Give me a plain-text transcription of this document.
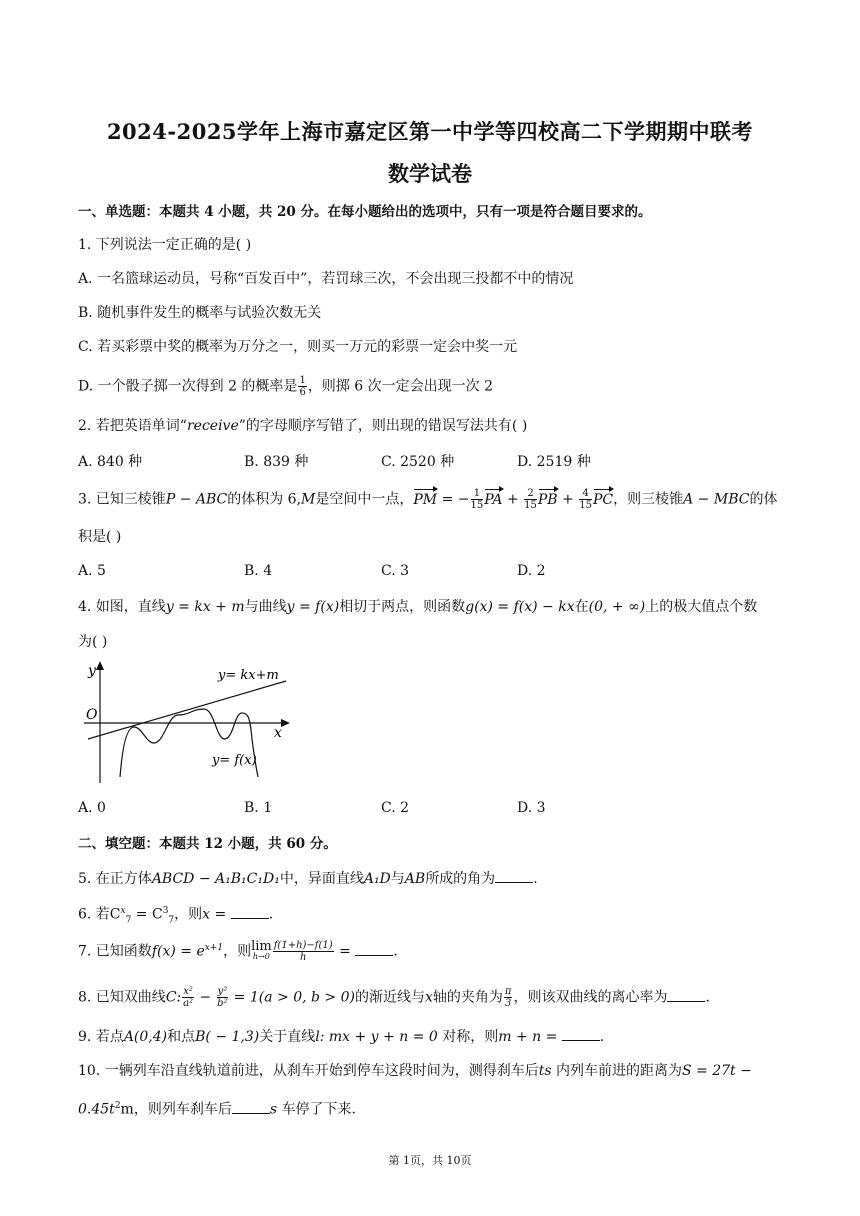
2024-2025学年上海市嘉定区第一中学等四校高二下学期期中联考
数学试卷
一、单选题：本题共 4 小题，共 20 分。在每小题给出的选项中，只有一项是符合题目要求的。
1. 下列说法一定正确的是( )
A. 一名篮球运动员，号称“百发百中”，若罚球三次，不会出现三投都不中的情况
B. 随机事件发生的概率与试验次数无关
C. 若买彩票中奖的概率为万分之一，则买一万元的彩票一定会中奖一元
D. 一个骰子掷一次得到 2 的概率是 $\frac{1}{6}$ ，则掷 6 次一定会出现一次 2
2. 若把英语单词“receive”的字母顺序写错了，则出现的错误写法共有( )
A. 840 种	B. 839 种	C. 2520 种	D. 2519 种
3. 已知三棱锥P − ABC的体积为 6,M是空间中一点，PM = − $\frac{1}{15}$ PA + $\frac{2}{15}$ PB + $\frac{4}{15}$ PC，则三棱锥A − MBC的体
积是( )
A. 5	B. 4	C. 3	D. 2
4. 如图，直线y = kx + m与曲线y = f(x)相切于两点，则函数g(x) = f(x) − kx在(0, + ∞)上的极大值点个数
为( )
y
O
x
y= kx+m
y= f(x)
A. 0	B. 1	C. 2	D. 3
二、填空题：本题共 12 小题，共 60 分。
5. 在正方体ABCD − A₁B₁C₁D₁中，异面直线A₁D与AB所成的角为	.
6. 若$C^x_7 = C^3_7$，则x =	.
7. 已知函数$f(x) = e^{x+1}$，则 lim
$h\to 0 \frac{f(1+h)-f(1)}{h}$ =	.
8. 已知双曲线C: $\frac{\text{x²}}{\text{a²}} - \frac{\text{y²}}{\text{b²}} = 1(a > 0$, b > 0)的渐近线与x轴的夹角为 $\frac{\pi}{3}$ ，则该双曲线的离心率为	.
9. 若点A(0,4)和点B( − 1,3)关于直线l: mx + y + n = 0 对称，则m + n =	.
10. 一辆列车沿直线轨道前进，从刹车开始到停车这段时间为，测得刹车后ts 内列车前进的距离为S = 27t −
$0.45t^2m$，则列车刹车后	s 车停了下来.
第 1页，共 10页
